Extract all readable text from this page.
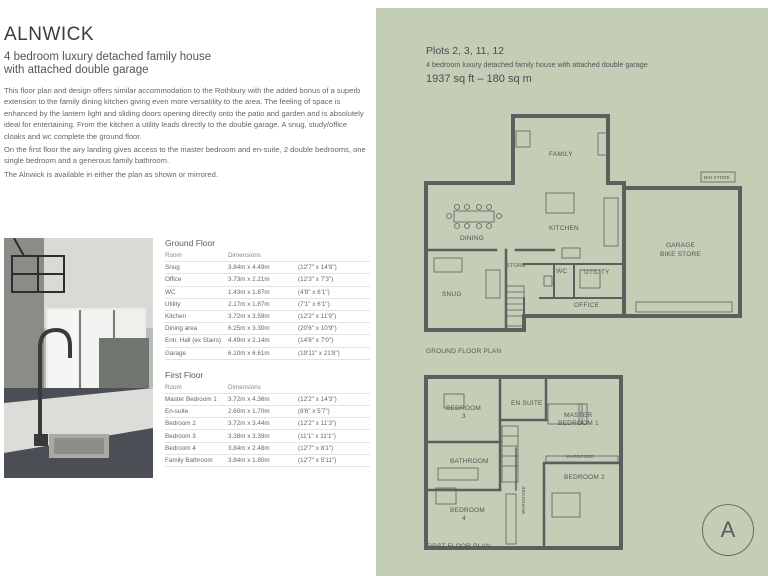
ALNWICK
4 bedroom luxury detached family house
with attached double garage

This floor plan and design offers similar accommodation to the Rothbury with the added bonus of a superb extension to the family dining kitchen giving even more versatility to the area. The feeling of space is enhanced by the lantern light and sliding doors opening directly onto the patio and garden and is absolutely ideal for entertaining. From the kitchen a utility leads directly to the double garage. A snug, study/office cloaks and wc complete the ground floor.

On the first floor the airy landing gives access to the master bedroom and en-suite, 2 double bedrooms, one single bedroom and a generous family bathroom.

The Alnwick is available in either the plan as shown or mirrored.

Ground Floor
Room	Dimensions
Snug	3.84m x 4.49m	(12'7" x 14'8")
Office	3.73m x 2.21m	(12'3" x 7'3")
WC	1.43m x 1.87m	(4'8" x 6'1")
Utility	2.17m x 1.87m	(7'1" x 6'1")
Kitchen	3.72m x 3.59m	(12'2" x 11'9")
Dining area	6.25m x 3.30m	(20'6" x 10'9")
Entr. Hall (ex Stairs)	4.49m x 2.14m	(14'8" x 7'0")
Garage	6.10m x 6.61m	(19'11" x 21'8")
First Floor
Room	Dimensions
Master Bedroom 1	3.72m x 4.36m	(12'2" x 14'3")
En-suite	2.60m x 1.70m	(8'6" x 5'7")
Bedroom 2	3.72m x 3.44m	(12'2" x 11'3")
Bedroom 3	3.38m x 3.39m	(11'1" x 11'1")
Bedroom 4	3.84m x 2.48m	(12'7" x 8'1")
Family Bathroom	3.84m x 1.80m	(12'7" x 5'11")
Plots 2, 3, 11, 12
4 bedroom luxury detached family house with attached double garage
1937 sq ft – 180 sq m
FAMILY
KITCHEN
DINING
SNUG
STORE
WC	UTILITY
OFFICE
GARAGE
BIKE STORE
BIN STORE
GROUND FLOOR PLAN
BEDROOM
3
EN SUITE
MASTER
BEDROOM 1
WARDROBE
BATHROOM
BEDROOM 2
BEDROOM
4
WARDROBE
FIRST FLOOR PLAN
A
